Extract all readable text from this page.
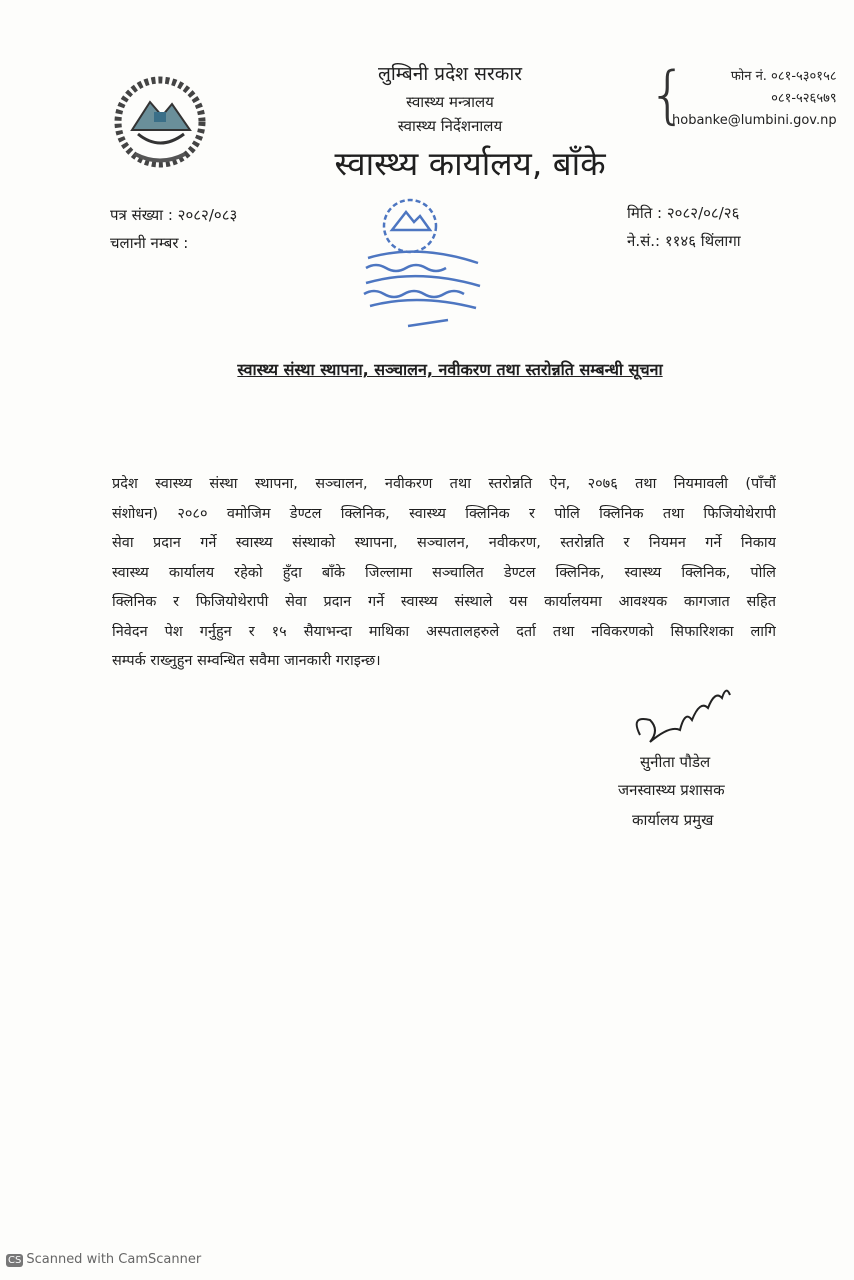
लुम्बिनी प्रदेश सरकार
स्वास्थ्य मन्त्रालय
स्वास्थ्य निर्देशनालय
स्वास्थ्य कार्यालय, बाँके
{	फोन नं. ०८१-५३०१५८
०८१-५२६५७९
hobanke@lumbini.gov.np
पत्र संख्या : २०८२/०८३
चलानी नम्बर :
मिति : २०८२/०८/२६
ने.सं.: ११४६ थिंलागा
स्वास्थ्य संस्था स्थापना, सञ्चालन, नवीकरण तथा स्तरोन्नति सम्बन्धी सूचना
प्रदेश स्वास्थ्य संस्था स्थापना, सञ्चालन, नवीकरण तथा स्तरोन्नति ऐन, २०७६ तथा नियमावली (पाँचौं
संशोधन) २०८० वमोजिम डेण्टल क्लिनिक, स्वास्थ्य क्लिनिक र पोलि क्लिनिक तथा फिजियोथेरापी
सेवा प्रदान गर्ने स्वास्थ्य संस्थाको स्थापना, सञ्चालन, नवीकरण, स्तरोन्नति र नियमन गर्ने निकाय
स्वास्थ्य कार्यालय रहेको हुँदा बाँके जिल्लामा सञ्चालित डेण्टल क्लिनिक, स्वास्थ्य क्लिनिक, पोलि
क्लिनिक र फिजियोथेरापी सेवा प्रदान गर्ने स्वास्थ्य संस्थाले यस कार्यालयमा आवश्यक कागजात सहित
निवेदन पेश गर्नुहुन र १५ सैयाभन्दा माथिका अस्पतालहरुले दर्ता तथा नविकरणको सिफारिशका लागि
सम्पर्क राख्नुहुन सम्वन्धित सवैमा जानकारी गराइन्छ।
सुनीता पौडेल
जनस्वास्थ्य प्रशासक
कार्यालय प्रमुख
CS Scanned with CamScanner
